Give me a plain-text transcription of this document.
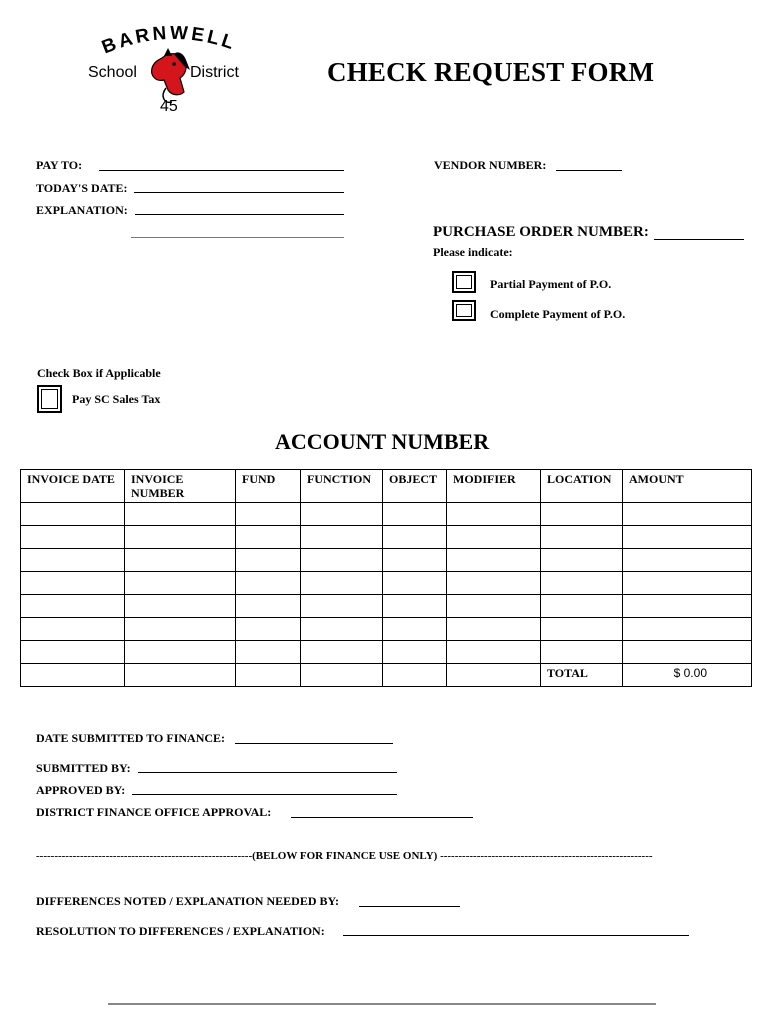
BARNWELL
School	District
45
CHECK REQUEST FORM
PAY TO:	VENDOR NUMBER:
TODAY'S DATE:
EXPLANATION:
PURCHASE ORDER NUMBER:
Please indicate:
Partial Payment of P.O.
Complete Payment of P.O.
Check Box if Applicable
Pay SC Sales Tax
ACCOUNT NUMBER
INVOICE DATE	INVOICE NUMBER	FUND	FUNCTION	OBJECT	MODIFIER	LOCATION	AMOUNT

						TOTAL	$ 0.00
DATE SUBMITTED TO FINANCE:
SUBMITTED BY:
APPROVED BY:
DISTRICT FINANCE OFFICE APPROVAL:
-----------------------------------------------------------(BELOW FOR FINANCE USE ONLY) ----------------------------------------------------------
DIFFERENCES NOTED / EXPLANATION NEEDED BY:
RESOLUTION TO DIFFERENCES / EXPLANATION:
